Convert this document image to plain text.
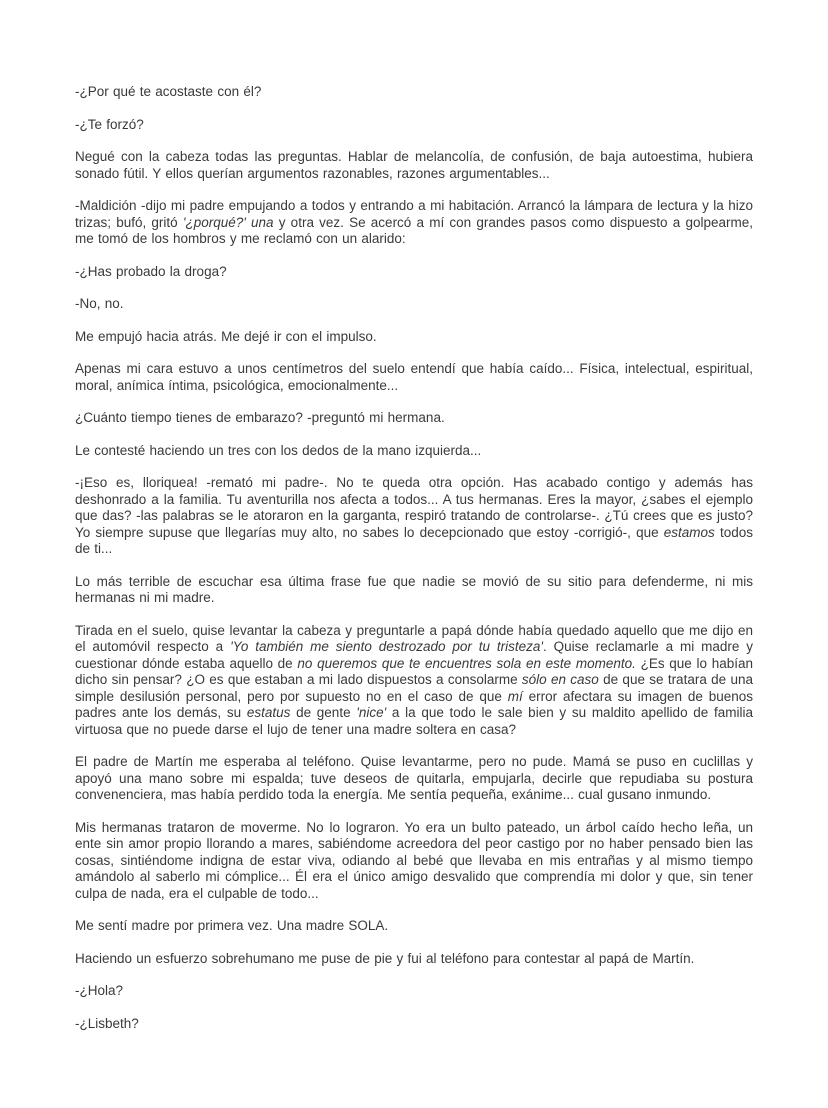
-¿Por qué te acostaste con él?

-¿Te forzó?

Negué con la cabeza todas las preguntas. Hablar de melancolía, de confusión, de baja autoestima, hubiera sonado fútil. Y ellos querían argumentos razonables, razones argumentables...

-Maldición -dijo mi padre empujando a todos y entrando a mi habitación. Arrancó la lámpara de lectura y la hizo trizas; bufó, gritó '¿porqué?' una y otra vez. Se acercó a mí con grandes pasos como dispuesto a golpearme, me tomó de los hombros y me reclamó con un alarido:

-¿Has probado la droga?

-No, no.

Me empujó hacia atrás. Me dejé ir con el impulso.

Apenas mi cara estuvo a unos centímetros del suelo entendí que había caído... Física, intelectual, espiritual, moral, anímica íntima, psicológica, emocionalmente...

¿Cuánto tiempo tienes de embarazo? -preguntó mi hermana.

Le contesté haciendo un tres con los dedos de la mano izquierda...

-¡Eso es, lloriquea! -remató mi padre-. No te queda otra opción. Has acabado contigo y además has deshonrado a la familia. Tu aventurilla nos afecta a todos... A tus hermanas. Eres la mayor, ¿sabes el ejemplo que das? -las palabras se le atoraron en la garganta, respiró tratando de controlarse-. ¿Tú crees que es justo? Yo siempre supuse que llegarías muy alto, no sabes lo decepcionado que estoy -corrigió-, que estamos todos de ti...

Lo más terrible de escuchar esa última frase fue que nadie se movió de su sitio para defenderme, ni mis hermanas ni mi madre.

Tirada en el suelo, quise levantar la cabeza y preguntarle a papá dónde había quedado aquello que me dijo en el automóvil respecto a 'Yo también me siento destrozado por tu tristeza'. Quise reclamarle a mi madre y cuestionar dónde estaba aquello de no queremos que te encuentres sola en este momento. ¿Es que lo habían dicho sin pensar? ¿O es que estaban a mi lado dispuestos a consolarme sólo en caso de que se tratara de una simple desilusión personal, pero por supuesto no en el caso de que mí error afectara su imagen de buenos padres ante los demás, su estatus de gente 'nice' a la que todo le sale bien y su maldito apellido de familia virtuosa que no puede darse el lujo de tener una madre soltera en casa?

El padre de Martín me esperaba al teléfono. Quise levantarme, pero no pude. Mamá se puso en cuclillas y apoyó una mano sobre mi espalda; tuve deseos de quitarla, empujarla, decirle que repudiaba su postura convenenciera, mas había perdido toda la energía. Me sentía pequeña, exánime... cual gusano inmundo.

Mis hermanas trataron de moverme. No lo lograron. Yo era un bulto pateado, un árbol caído hecho leña, un ente sin amor propio llorando a mares, sabiéndome acreedora del peor castigo por no haber pensado bien las cosas, sintiéndome indigna de estar viva, odiando al bebé que llevaba en mis entrañas y al mismo tiempo amándolo al saberlo mi cómplice... Él era el único amigo desvalido que comprendía mi dolor y que, sin tener culpa de nada, era el culpable de todo...

Me sentí madre por primera vez. Una madre SOLA.

Haciendo un esfuerzo sobrehumano me puse de pie y fui al teléfono para contestar al papá de Martín.

-¿Hola?

-¿Lisbeth?
